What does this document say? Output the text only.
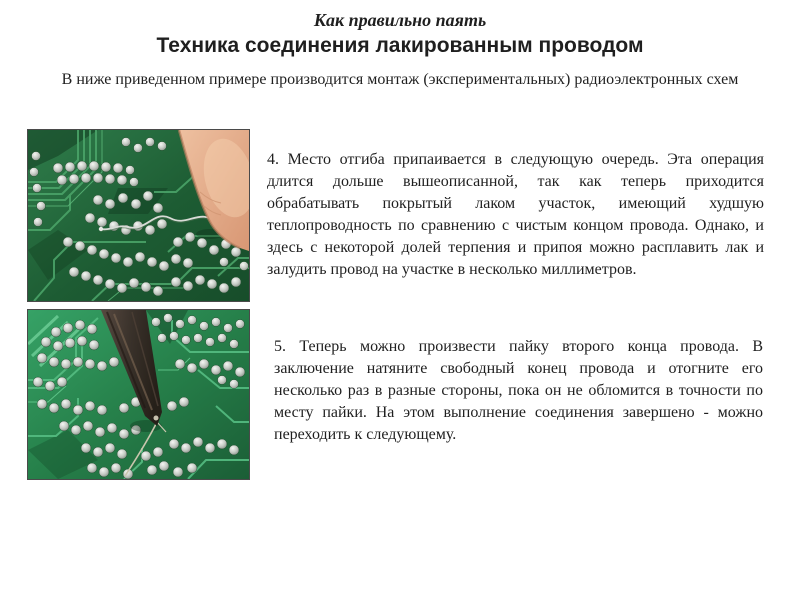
Как правильно паять
Техника соединения лакированным проводом

В ниже приведенном примере производится монтаж (экспериментальных) радиоэлектронных схем

4. Место отгиба припаивается в следующую очередь. Эта операция длится дольше вышеописанной, так как теперь приходится обрабатывать покрытый лаком участок, имеющий худшую теплопроводность по сравнению с чистым концом провода. Однако, и здесь с некоторой долей терпения и припоя можно расплавить лак и залудить провод на участке в несколько миллиметров.

5. Теперь можно произвести пайку второго конца провода. В заключение натяните свободный конец провода и отогните его несколько раз в разные стороны, пока он не обломится в точности по месту пайки. На этом выполнение соединения завершено - можно переходить к следующему.
